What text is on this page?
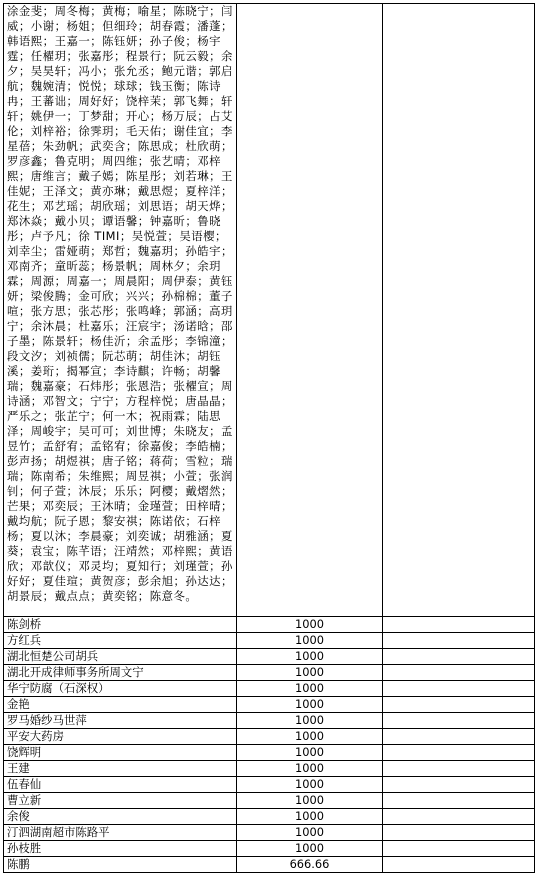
涂金斐；周冬梅；黄梅；喻星；陈晓宁；闫威；小谢；杨姐；但细玲；胡春霞；潘蓬；韩语熙；王嘉一；陈钰妍；孙子俊；杨宇霆；任櫂玥；张嘉彤；程景行；阮云毅；余夕；吴昊轩；冯小；张允丞；鲍元谐；郭启航；魏婉清；悦悦；球球；钱玉衡；陈诗冉；王蕃诎；周好好；饶梓茉；郭飞舞；轩轩；姚伊一；丁梦甜；开心；杨万辰；占艾伦；刘梓裕；徐霁玥；毛天佑；谢佳宜；李星蓓；朱劲帆；武奕含；陈思成；杜欣萌；罗彦鑫；鲁克明；周四维；张艺晴；邓梓熙；唐维言；戴子嫣；陈星彤；刘若琳；王佳妮；王泽文；黄亦琳；戴思煜；夏梓洋；花生；邓艺瑶；胡欣瑶；刘思语；胡天烨；郑沐焱；戴小贝；谭语馨；钟嘉昕；鲁晓彤；卢予凡；徐 TIMI；吴悦萱；吴语樱；刘幸尘；雷娅萌；郑哲；魏嘉玥；孙皓宇；邓南齐；童昕蕊；杨景帆；周林夕；余玥霖；周源；周嘉一；周晨阳；周伊泰；黄钰妍；梁俊腾；金可欣；兴兴；孙棉棉；董子喧；张方思；张芯彤；张鸣峰；郭涵；高玥宁；余沐晨；杜嘉乐；汪宸宇；汤诺晗；邵子墨；陈景轩；杨佳沂；余孟彤；李锦潼；段文汐；刘祯儒；阮芯萌；胡佳沐；胡钰溪；姜珩；揭幂宣；李诗麒；许畅；胡馨瑞；魏嘉豪；石炜彤；张恩浩；张櫂宣；周诗涵；邓智文；宁宁；方程梓悦；唐晶晶；严乐之；张芷宁；何一木；祝雨霖；陆思泽；周峻宇；吴可可；刘世博；朱晓友；孟昱竹；孟舒宥；孟铭宥；徐嘉俊；李皓楠；彭声扬；胡煜祺；唐子铭；蒋荷；雪粒；瑞瑞；陈南希；朱维熙；周昱祺；小萱；张润钊；何子萱；沐辰；乐乐；阿樱；戴熠然；芒果；邓奕辰；王沐晴；金瑾萱；田梓晴；戴均航；阮子恩；黎安祺；陈诺依；石梓杨；夏以沐；李晨豪；刘奕诚；胡雅涵；夏葵；袁宝；陈芊语；汪靖然；邓梓熙；黄语欣；邓歆仪；邓灵均；夏知行；刘瑾萱；孙好好；夏佳瑄；黄贺彦；彭余旭；孙达达；胡景辰；戴点点；黄奕铭；陈意冬。		
陈剑桥	1000	
方红兵	1000	
湖北恒楚公司胡兵	1000	
湖北开成律师事务所周文宁	1000	
华宁防腐（石深权）	1000	
金艳	1000	
罗马婚纱马世萍	1000	
平安大药房	1000	
饶辉明	1000	
王建	1000	
伍春仙	1000	
曹立新	1000	
余俊	1000	
汀泗湖南超市陈路平	1000	
孙枝胜	1000	
陈鹏	666.66	
